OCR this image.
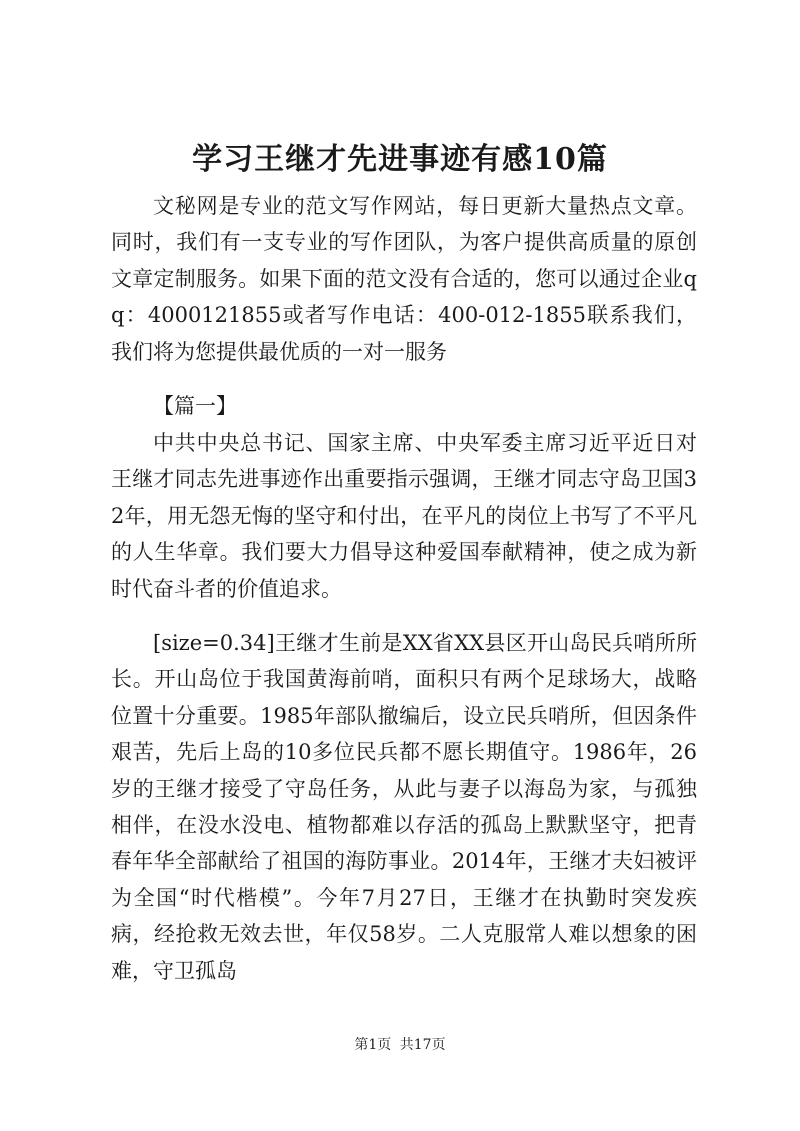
学习王继才先进事迹有感10篇
文秘网是专业的范文写作网站，每日更新大量热点文章。同时，我们有一支专业的写作团队，为客户提供高质量的原创文章定制服务。如果下面的范文没有合适的，您可以通过企业qq：4000121855或者写作电话：400-012-1855联系我们，我们将为您提供最优质的一对一服务
【篇一】
中共中央总书记、国家主席、中央军委主席习近平近日对王继才同志先进事迹作出重要指示强调，王继才同志守岛卫国32年，用无怨无悔的坚守和付出，在平凡的岗位上书写了不平凡的人生华章。我们要大力倡导这种爱国奉献精神，使之成为新时代奋斗者的价值追求。
[size=0.34]王继才生前是XX省XX县区开山岛民兵哨所所长。开山岛位于我国黄海前哨，面积只有两个足球场大，战略位置十分重要。1985年部队撤编后，设立民兵哨所，但因条件艰苦，先后上岛的10多位民兵都不愿长期值守。1986年，26岁的王继才接受了守岛任务，从此与妻子以海岛为家，与孤独相伴，在没水没电、植物都难以存活的孤岛上默默坚守，把青春年华全部献给了祖国的海防事业。2014年，王继才夫妇被评为全国“时代楷模”。今年7月27日，王继才在执勤时突发疾病，经抢救无效去世，年仅58岁。二人克服常人难以想象的困难，守卫孤岛
第1页 共17页
